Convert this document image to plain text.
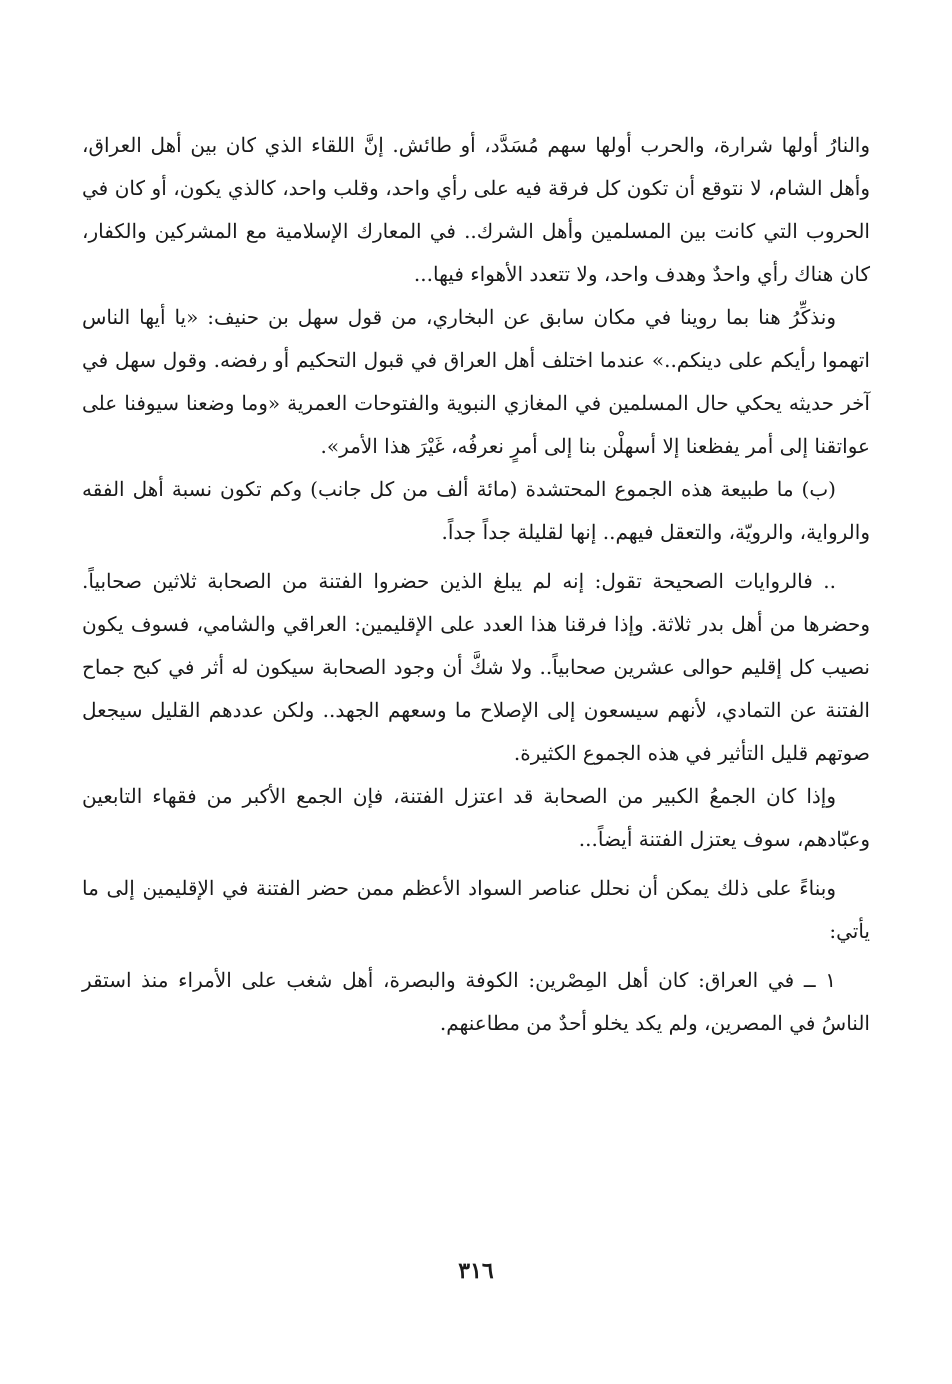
والنارُ أولها شرارة، والحرب أولها سهم مُسَدَّد، أو طائش. إنَّ اللقاء الذي كان بين أهل العراق، وأهل الشام، لا نتوقع أن تكون كل فرقة فيه على رأي واحد، وقلب واحد، كالذي يكون، أو كان في الحروب التي كانت بين المسلمين وأهل الشرك.. في المعارك الإسلامية مع المشركين والكفار، كان هناك رأي واحدٌ وهدف واحد، ولا تتعدد الأهواء فيها...

ونذكِّرُ هنا بما روينا في مكان سابق عن البخاري، من قول سهل بن حنيف: «يا أيها الناس اتهموا رأيكم على دينكم..» عندما اختلف أهل العراق في قبول التحكيم أو رفضه. وقول سهل في آخر حديثه يحكي حال المسلمين في المغازي النبوية والفتوحات العمرية «وما وضعنا سيوفنا على عواتقنا إلى أمر يفظعنا إلا أسهلْن بنا إلى أمرٍ نعرفُه، غَيْرَ هذا الأمر».

(ب) ما طبيعة هذه الجموع المحتشدة (مائة ألف من كل جانب) وكم تكون نسبة أهل الفقه والرواية، والرويّة، والتعقل فيهم.. إنها لقليلة جداً جداً.

.. فالروايات الصحيحة تقول: إنه لم يبلغ الذين حضروا الفتنة من الصحابة ثلاثين صحابياً. وحضرها من أهل بدر ثلاثة. وإذا فرقنا هذا العدد على الإقليمين: العراقي والشامي، فسوف يكون نصيب كل إقليم حوالى عشرين صحابياً.. ولا شكَّ أن وجود الصحابة سيكون له أثر في كبح جماح الفتنة عن التمادي، لأنهم سيسعون إلى الإصلاح ما وسعهم الجهد.. ولكن عددهم القليل سيجعل صوتهم قليل التأثير في هذه الجموع الكثيرة.

وإذا كان الجمعُ الكبير من الصحابة قد اعتزل الفتنة، فإن الجمع الأكبر من فقهاء التابعين وعبّادهم، سوف يعتزل الفتنة أيضاً...

وبناءً على ذلك يمكن أن نحلل عناصر السواد الأعظم ممن حضر الفتنة في الإقليمين إلى ما يأتي:

١ ــ في العراق: كان أهل المِصْرين: الكوفة والبصرة، أهل شغب على الأمراء منذ استقر الناسُ في المصرين، ولم يكد يخلو أحدٌ من مطاعنهم.

٣١٦
